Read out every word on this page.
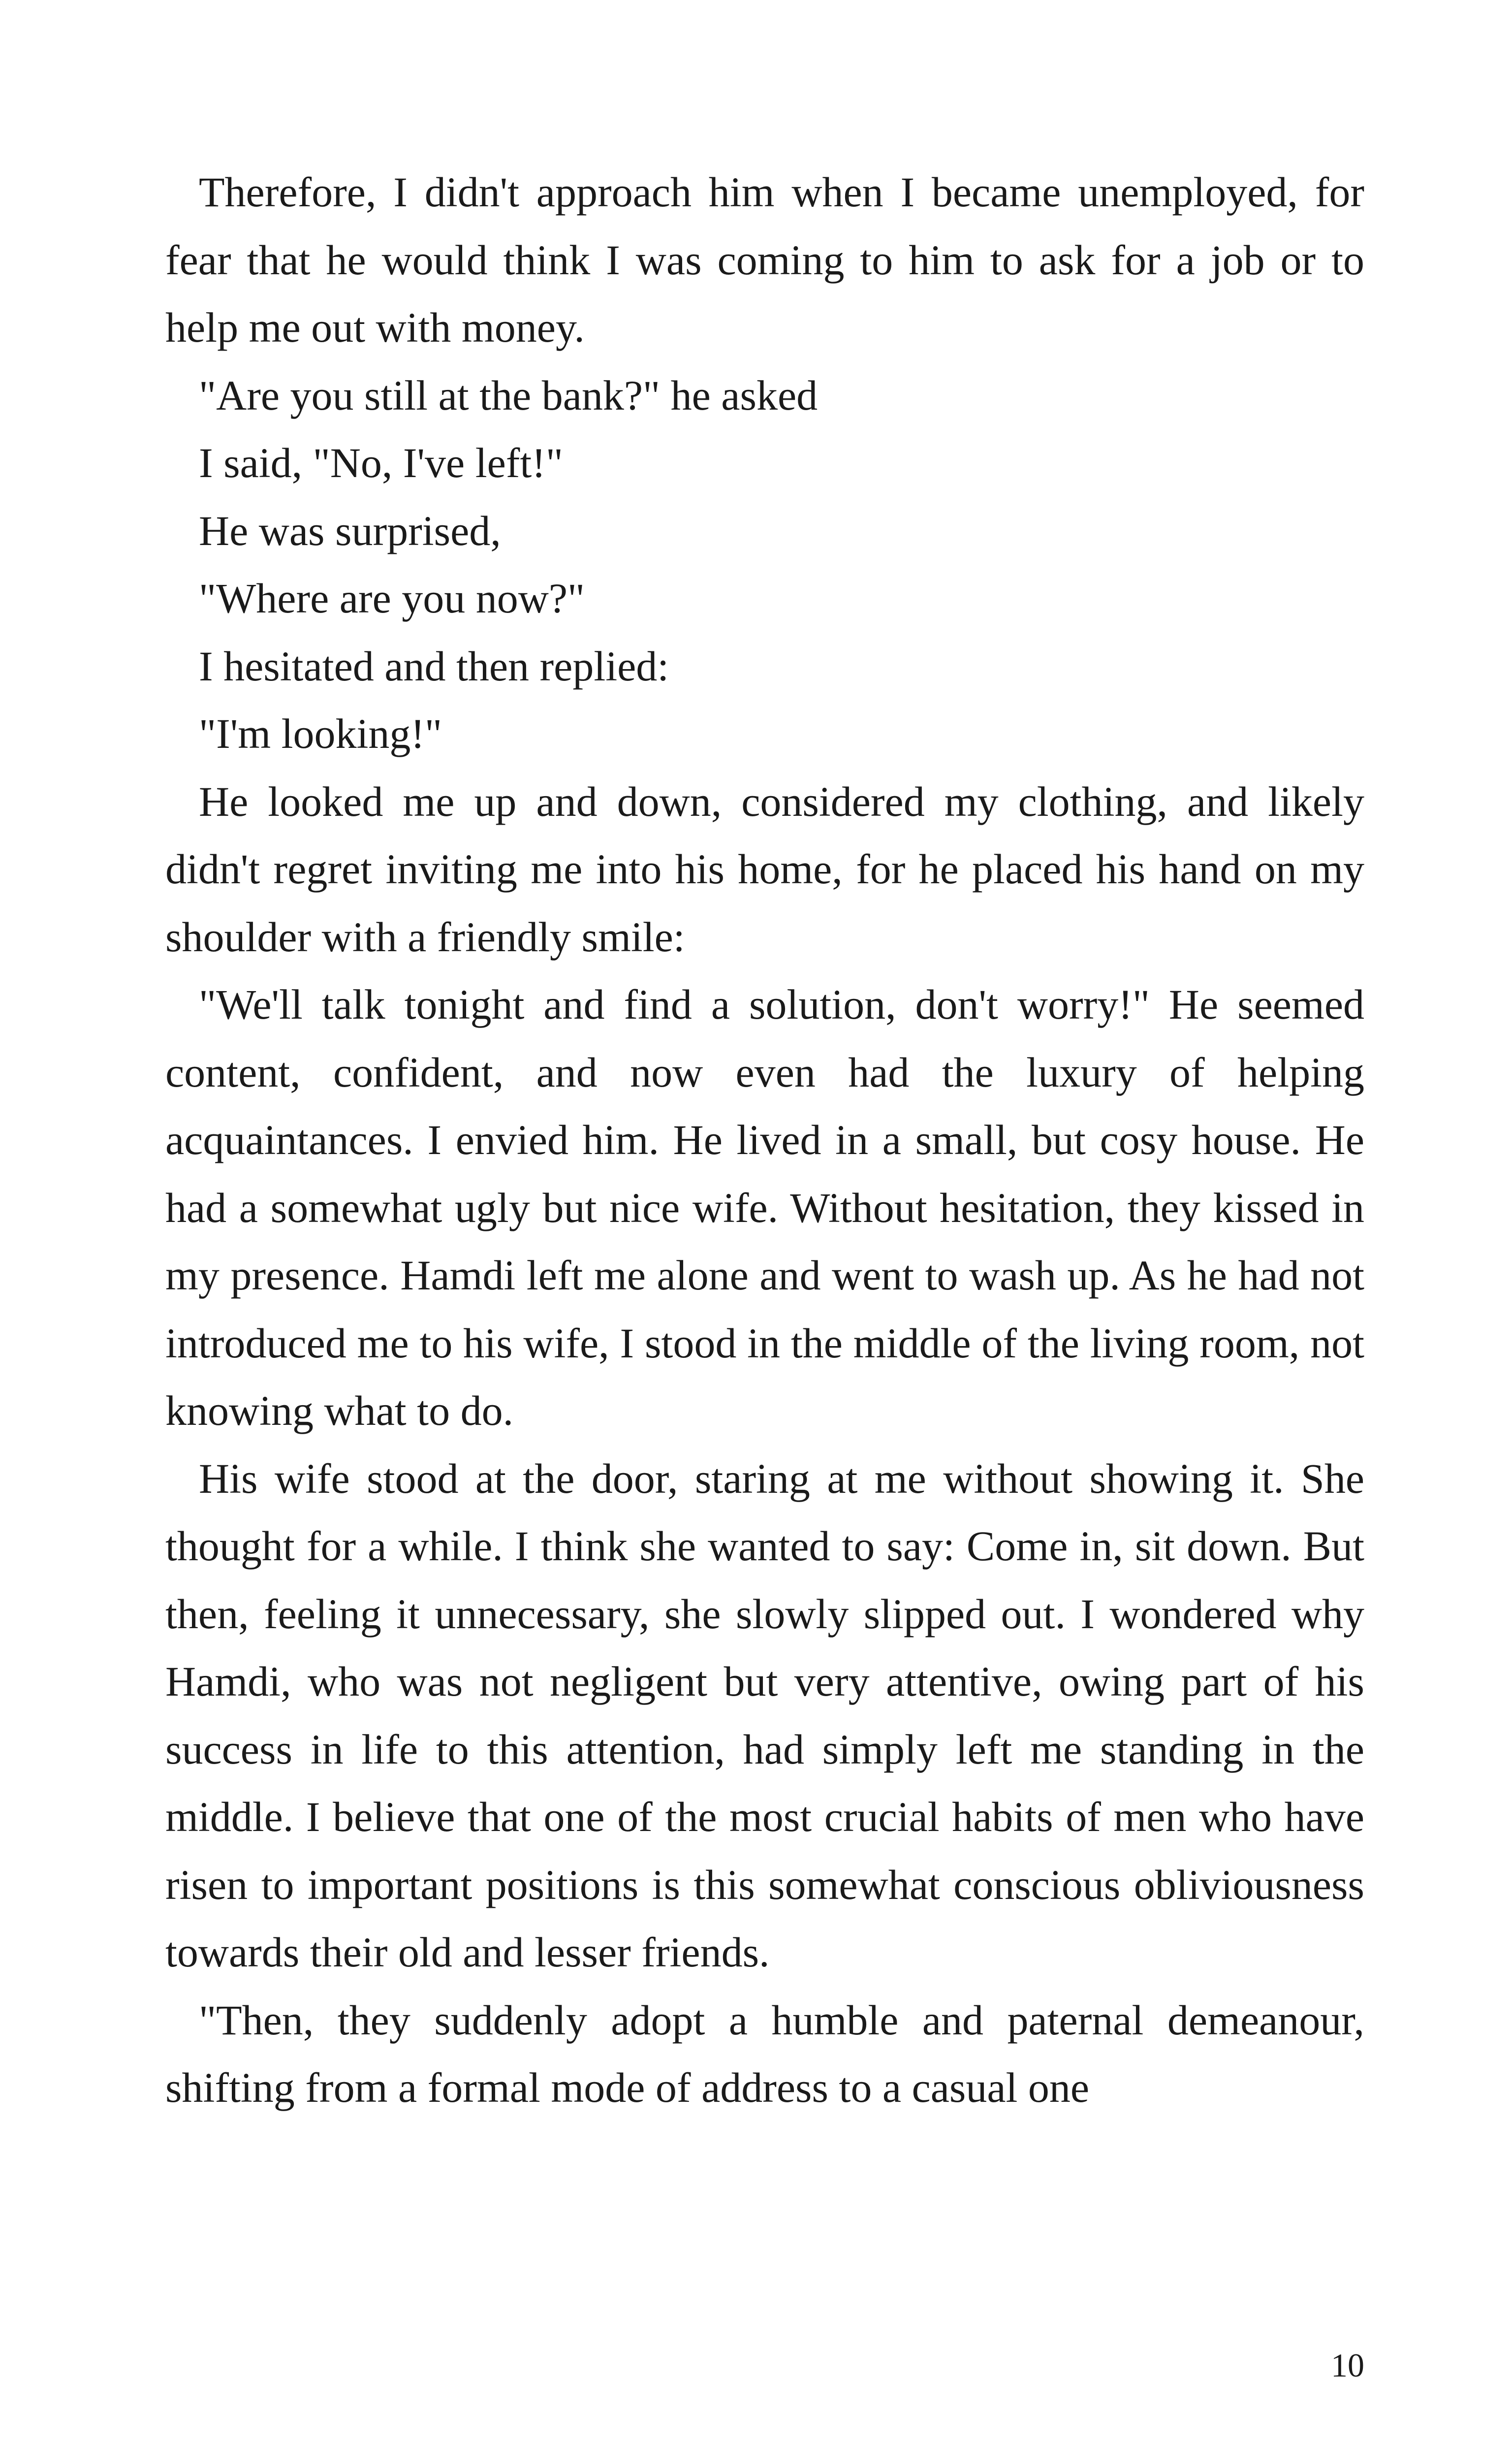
Therefore, I didn't approach him when I became unemployed, for fear that he would think I was coming to him to ask for a job or to help me out with money.

"Are you still at the bank?" he asked

I said, "No, I've left!"

He was surprised,

"Where are you now?"

I hesitated and then replied:

"I'm looking!"

He looked me up and down, considered my clothing, and likely didn't regret inviting me into his home, for he placed his hand on my shoulder with a friendly smile:

"We'll talk tonight and find a solution, don't worry!" He seemed content, confident, and now even had the luxury of helping acquaintances. I envied him. He lived in a small, but cosy house. He had a somewhat ugly but nice wife. Without hesitation, they kissed in my presence. Hamdi left me alone and went to wash up. As he had not introduced me to his wife, I stood in the middle of the living room, not knowing what to do.

His wife stood at the door, staring at me without showing it. She thought for a while. I think she wanted to say: Come in, sit down. But then, feeling it unnecessary, she slowly slipped out. I wondered why Hamdi, who was not negligent but very attentive, owing part of his success in life to this attention, had simply left me standing in the middle. I believe that one of the most crucial habits of men who have risen to important positions is this somewhat conscious obliviousness towards their old and lesser friends.

"Then, they suddenly adopt a humble and paternal demeanour, shifting from a formal mode of address to a casual one

10
